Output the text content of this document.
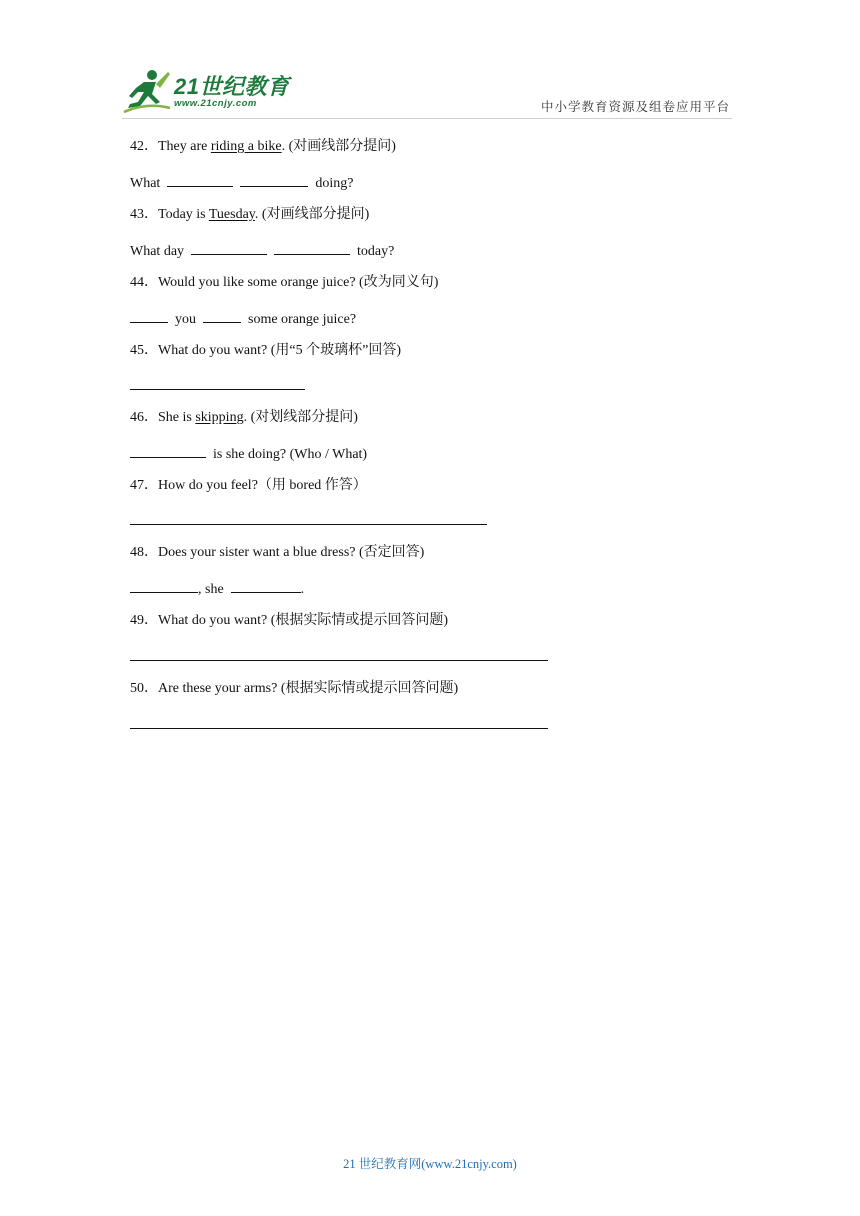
21世纪教育
www.21cnjy.com	中小学教育资源及组卷应用平台
42．They are riding a bike. (对画线部分提问)
What	doing?
43．Today is Tuesday. (对画线部分提问)
What day	today?
44．Would you like some orange juice? (改为同义句)
you	some orange juice?
45．What do you want? (用“5 个玻璃杯”回答)
46．She is skipping. (对划线部分提问)
is she doing? (Who / What)
47．How do you feel?（用 bored 作答）
48．Does your sister want a blue dress? (否定回答)
, she	.
49．What do you want? (根据实际情或提示回答问题)
50．Are these your arms? (根据实际情或提示回答问题)
21 世纪教育网(www.21cnjy.com)
